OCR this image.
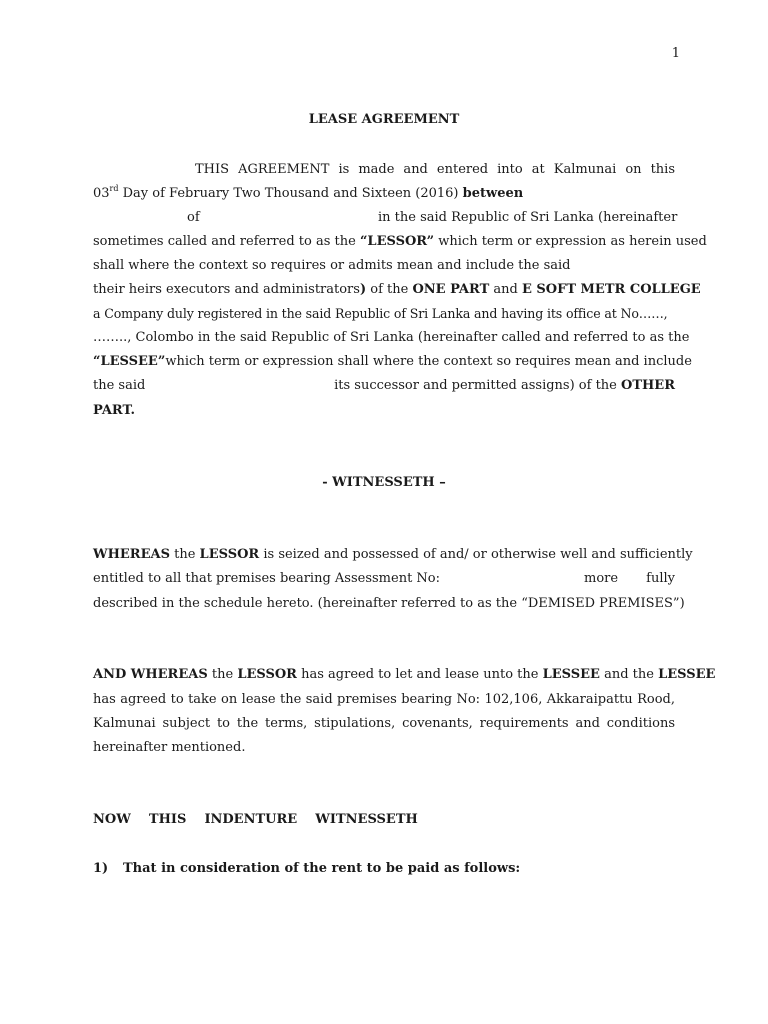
1
LEASE AGREEMENT
THIS AGREEMENT is made and entered into at Kalmunai on this
03rd Day of February Two Thousand and Sixteen (2016) between
of	in the said Republic of Sri Lanka (hereinafter
sometimes called and referred to as the “LESSOR” which term or expression as herein used
shall where the context so requires or admits mean and include the said
their heirs executors and administrators) of the ONE PART and E SOFT METR COLLEGE
a Company duly registered in the said Republic of Sri Lanka and having its office at No……,
…….., Colombo in the said Republic of Sri Lanka (hereinafter called and referred to as the
“LESSEE”which term or expression shall where the context so requires mean and include
the said	its successor and permitted assigns) of the OTHER
PART.
- WITNESSETH –
WHEREAS the LESSOR is seized and possessed of and/ or otherwise well and sufficiently
entitled to all that premises bearing Assessment No:	more	fully
described in the schedule hereto. (hereinafter referred to as the “DEMISED PREMISES”)
AND WHEREAS the LESSOR has agreed to let and lease unto the LESSEE and the LESSEE
has agreed to take on lease the said premises bearing No: 102,106, Akkaraipattu Rood,
Kalmunai subject to the terms, stipulations, covenants, requirements and conditions
hereinafter mentioned.
NOW    THIS    INDENTURE    WITNESSETH
1)	That in consideration of the rent to be paid as follows:
